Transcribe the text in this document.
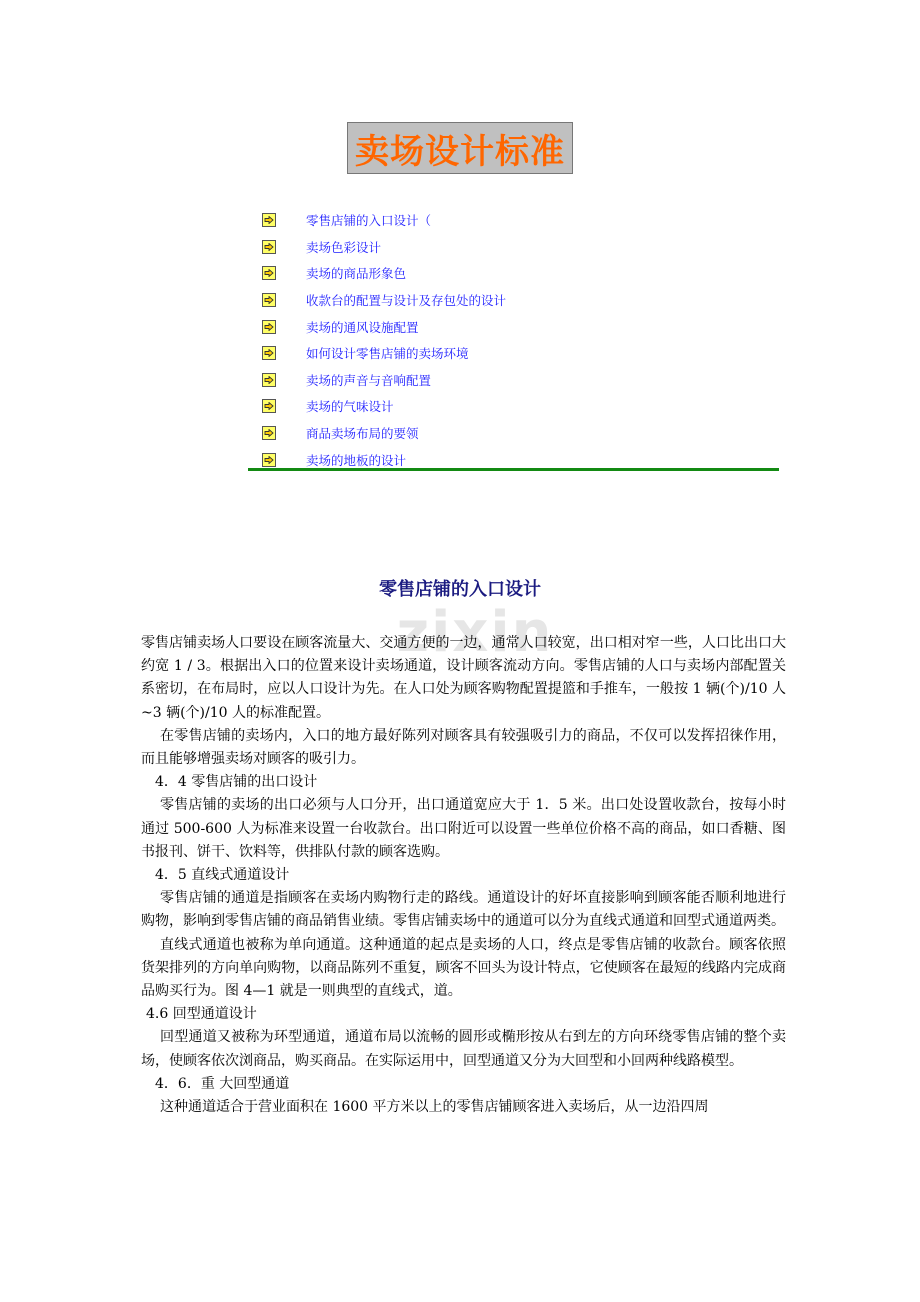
卖场设计标准
零售店铺的入口设计（
卖场色彩设计
卖场的商品形象色
收款台的配置与设计及存包处的设计
卖场的通风设施配置
如何设计零售店铺的卖场环境
卖场的声音与音响配置
卖场的气味设计
商品卖场布局的要领
卖场的地板的设计
zixin
零售店铺的入口设计

零售店铺卖场人口要设在顾客流量大、交通方便的一边，通常人口较宽，出口相对窄一些，人口比出口大约宽 1 / 3。根据出入口的位置来设计卖场通道，设计顾客流动方向。零售店铺的人口与卖场内部配置关系密切，在布局时，应以人口设计为先。在人口处为顾客购物配置提篮和手推车，一般按 1 辆(个)/10 人~3 辆(个)/10 人的标准配置。

在零售店铺的卖场内，入口的地方最好陈列对顾客具有较强吸引力的商品，不仅可以发挥招徕作用，而且能够增强卖场对顾客的吸引力。

4．4 零售店铺的出口设计

零售店铺的卖场的出口必须与人口分开，出口通道宽应大于 1．5 米。出口处设置收款台，按每小时通过 500-600 人为标准来设置一台收款台。出口附近可以设置一些单位价格不高的商品，如口香糖、图书报刊、饼干、饮料等，供排队付款的顾客选购。

4．5 直线式通道设计

零售店铺的通道是指顾客在卖场内购物行走的路线。通道设计的好坏直接影响到顾客能否顺利地进行购物，影响到零售店铺的商品销售业绩。零售店铺卖场中的通道可以分为直线式通道和回型式通道两类。

直线式通道也被称为单向通道。这种通道的起点是卖场的人口，终点是零售店铺的收款台。顾客依照货架排列的方向单向购物，以商品陈列不重复，顾客不回头为设计特点，它使顾客在最短的线路内完成商品购买行为。图 4—1 就是一则典型的直线式，道。

4.6 回型通道设计

回型通道又被称为环型通道，通道布局以流畅的圆形或椭形按从右到左的方向环绕零售店铺的整个卖场，使顾客依次浏商品，购买商品。在实际运用中，回型通道又分为大回型和小回两种线路模型。

4．6．重 大回型通道

这种通道适合于营业面积在 1600 平方米以上的零售店铺顾客进入卖场后，从一边沿四周
